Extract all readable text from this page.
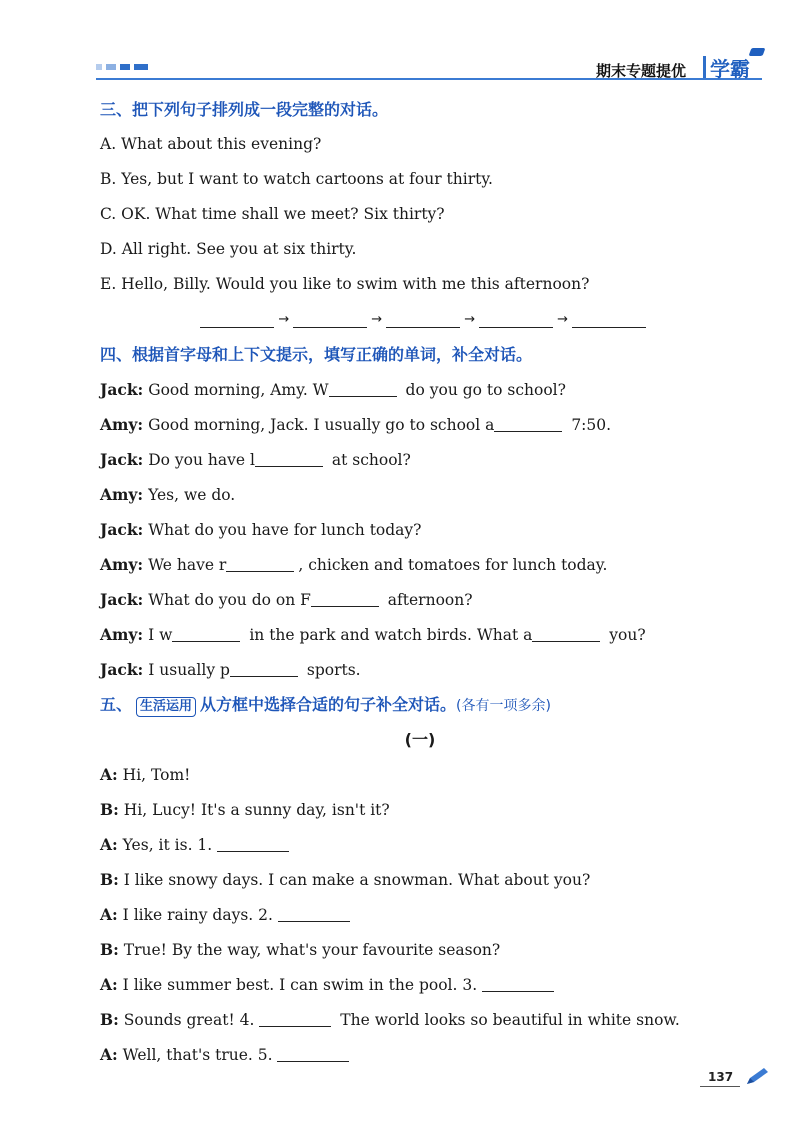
期末专题提优 学霸
三、把下列句子排列成一段完整的对话。
A. What about this evening?
B. Yes, but I want to watch cartoons at four thirty.
C. OK. What time shall we meet? Six thirty?
D. All right. See you at six thirty.
E. Hello, Billy. Would you like to swim with me this afternoon?
→	→	→	→
四、根据首字母和上下文提示，填写正确的单词，补全对话。
Jack: Good morning, Amy. W	do you go to school?
Amy: Good morning, Jack. I usually go to school a	7:50.
Jack: Do you have l	at school?
Amy: Yes, we do.
Jack: What do you have for lunch today?
Amy: We have r	, chicken and tomatoes for lunch today.
Jack: What do you do on F	afternoon?
Amy: I w	in the park and watch birds. What a	you?
Jack: I usually p	sports.
五、 生活运用 从方框中选择合适的句子补全对话。(各有一项多余)
(一)
A: Hi, Tom!
B: Hi, Lucy! It's a sunny day, isn't it?
A: Yes, it is. 1.
B: I like snowy days. I can make a snowman. What about you?
A: I like rainy days. 2.
B: True! By the way, what's your favourite season?
A: I like summer best. I can swim in the pool. 3.
B: Sounds great! 4.	The world looks so beautiful in white snow.
A: Well, that's true. 5.
137
